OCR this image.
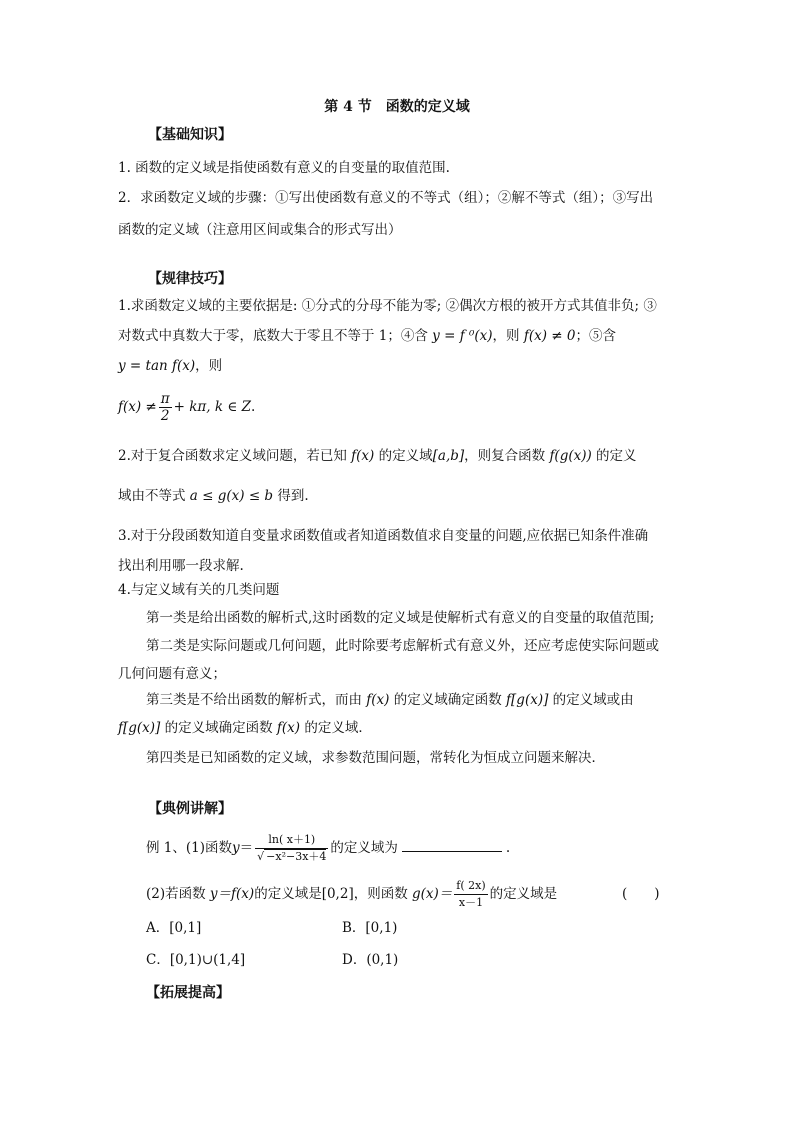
第 4 节　函数的定义域
【基础知识】
1. 函数的定义域是指使函数有意义的自变量的取值范围.
2．求函数定义域的步骤：①写出使函数有意义的不等式（组）；②解不等式（组）；③写出
函数的定义域（注意用区间或集合的形式写出）
【规律技巧】
1.求函数定义域的主要依据是: ①分式的分母不能为零; ②偶次方根的被开方式其值非负; ③
对数式中真数大于零，底数大于零且不等于 1；④含 y = f ⁰(x)，则 f(x) ≠ 0；⑤含
y = tan f(x)，则
$f(x) \ne \frac{\pi}{2} + k\pi$, k ∈ Z.
2.对于复合函数求定义域问题，若已知 f(x) 的定义域[a,b]，则复合函数 f(g(x)) 的定义
域由不等式 a ≤ g(x) ≤ b 得到.
3.对于分段函数知道自变量求函数值或者知道函数值求自变量的问题,应依据已知条件准确
找出利用哪一段求解.
4.与定义域有关的几类问题
第一类是给出函数的解析式,这时函数的定义域是使解析式有意义的自变量的取值范围;
第二类是实际问题或几何问题，此时除要考虑解析式有意义外，还应考虑使实际问题或
几何问题有意义；
第三类是不给出函数的解析式，而由 f(x) 的定义域确定函数 f[g(x)] 的定义域或由
f[g(x)] 的定义域确定函数 f(x) 的定义域．
第四类是已知函数的定义域，求参数范围问题，常转化为恒成立问题来解决．
【典例讲解】
例 1、(1)函数$y= \frac{\ln( x+1)}{\text{√ −x²−3x＋4}}$ 的定义域为	.
(2)若函数 y＝f(x)的定义域是[0,2]，则函数 $g(x)= \frac{f( 2x)}{x-1}$ 的定义域是	(　　)
A．[0,1]	B．[0,1)
C．[0,1)∪(1,4]	D．(0,1)
【拓展提高】
